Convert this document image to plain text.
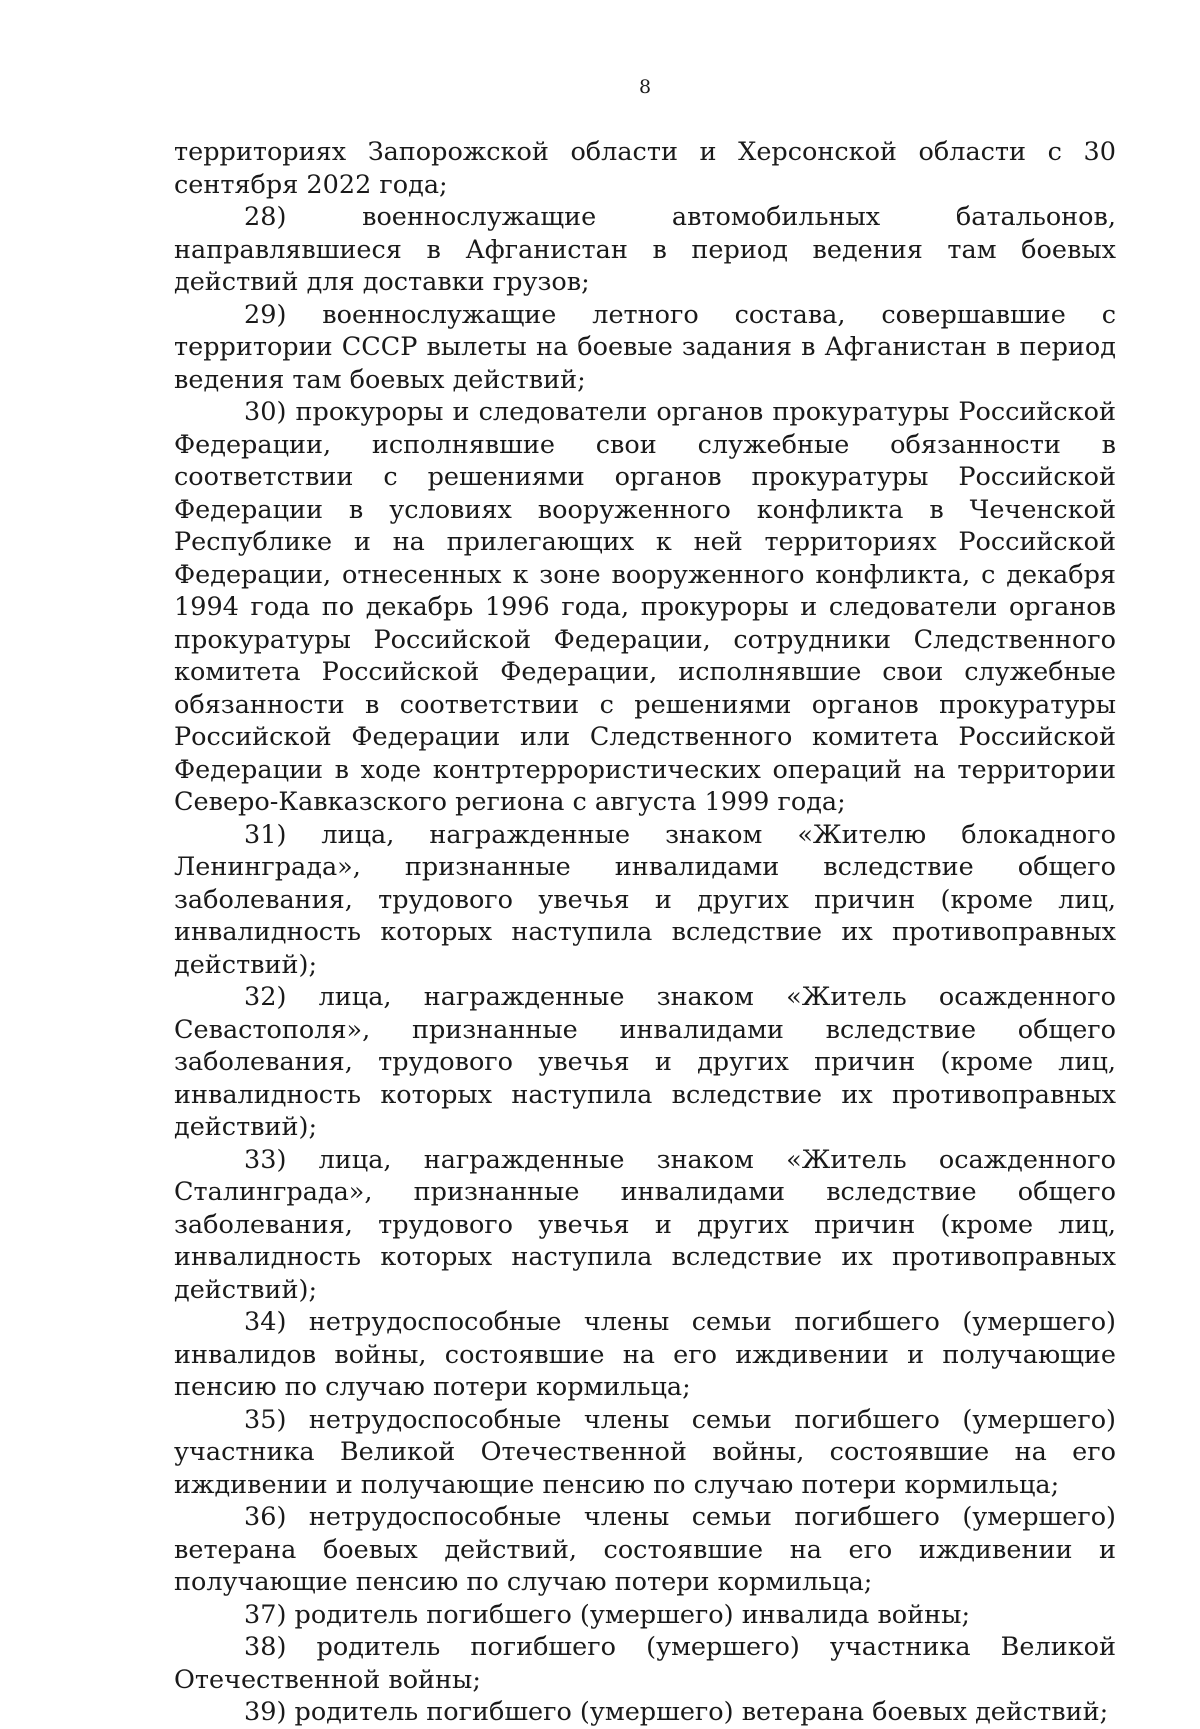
8

территориях Запорожской области и Херсонской области с 30 сентября 2022 года;

28) военнослужащие автомобильных батальонов, направлявшиеся в Афганистан в период ведения там боевых действий для доставки грузов;

29) военнослужащие летного состава, совершавшие с территории СССР вылеты на боевые задания в Афганистан в период ведения там боевых действий;

30) прокуроры и следователи органов прокуратуры Российской Федерации, исполнявшие свои служебные обязанности в соответствии с решениями органов прокуратуры Российской Федерации в условиях вооруженного конфликта в Чеченской Республике и на прилегающих к ней территориях Российской Федерации, отнесенных к зоне вооруженного конфликта, с декабря 1994 года по декабрь 1996 года, прокуроры и следователи органов прокуратуры Российской Федерации, сотрудники Следственного комитета Российской Федерации, исполнявшие свои служебные обязанности в соответствии с решениями органов прокуратуры Российской Федерации или Следственного комитета Российской Федерации в ходе контртеррористических операций на территории Северо-Кавказского региона с августа 1999 года;

31) лица, награжденные знаком «Жителю блокадного Ленинграда», признанные инвалидами вследствие общего заболевания, трудового увечья и других причин (кроме лиц, инвалидность которых наступила вследствие их противоправных действий);

32) лица, награжденные знаком «Житель осажденного Севастополя», признанные инвалидами вследствие общего заболевания, трудового увечья и других причин (кроме лиц, инвалидность которых наступила вследствие их противоправных действий);

33) лица, награжденные знаком «Житель осажденного Сталинграда», признанные инвалидами вследствие общего заболевания, трудового увечья и других причин (кроме лиц, инвалидность которых наступила вследствие их противоправных действий);

34) нетрудоспособные члены семьи погибшего (умершего) инвалидов войны, состоявшие на его иждивении и получающие пенсию по случаю потери кормильца;

35) нетрудоспособные члены семьи погибшего (умершего) участника Великой Отечественной войны, состоявшие на его иждивении и получающие пенсию по случаю потери кормильца;

36) нетрудоспособные члены семьи погибшего (умершего) ветерана боевых действий, состоявшие на его иждивении и получающие пенсию по случаю потери кормильца;

37) родитель погибшего (умершего) инвалида войны;

38) родитель погибшего (умершего) участника Великой Отечественной войны;

39) родитель погибшего (умершего) ветерана боевых действий;
